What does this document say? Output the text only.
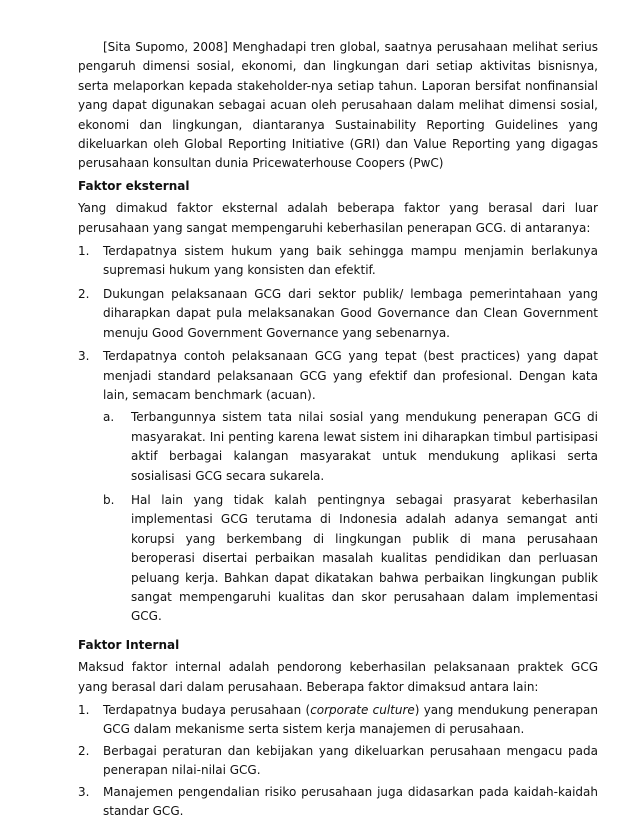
[Sita Supomo, 2008] Menghadapi tren global, saatnya perusahaan melihat serius pengaruh dimensi sosial, ekonomi, dan lingkungan dari setiap aktivitas bisnisnya, serta melaporkan kepada stakeholder-nya setiap tahun. Laporan bersifat nonfinansial yang dapat digunakan sebagai acuan oleh perusahaan dalam melihat dimensi sosial, ekonomi dan lingkungan, diantaranya Sustainability Reporting Guidelines yang dikeluarkan oleh Global Reporting Initiative (GRI) dan Value Reporting yang digagas perusahaan konsultan dunia Pricewaterhouse Coopers (PwC)

Faktor eksternal

Yang dimakud faktor eksternal adalah beberapa faktor yang berasal dari luar perusahaan yang sangat mempengaruhi keberhasilan penerapan GCG. di antaranya:

1.	Terdapatnya sistem hukum yang baik sehingga mampu menjamin berlakunya supremasi hukum yang konsisten dan efektif.
2.	Dukungan pelaksanaan GCG dari sektor publik/ lembaga pemerintahaan yang diharapkan dapat pula melaksanakan Good Governance dan Clean Government menuju Good Government Governance yang sebenarnya.
3.	Terdapatnya contoh pelaksanaan GCG yang tepat (best practices) yang dapat menjadi standard pelaksanaan GCG yang efektif dan profesional. Dengan kata lain, semacam benchmark (acuan).

a.	Terbangunnya sistem tata nilai sosial yang mendukung penerapan GCG di masyarakat. Ini penting karena lewat sistem ini diharapkan timbul partisipasi aktif berbagai kalangan masyarakat untuk mendukung aplikasi serta sosialisasi GCG secara sukarela.
b.	Hal lain yang tidak kalah pentingnya sebagai prasyarat keberhasilan implementasi GCG terutama di Indonesia adalah adanya semangat anti korupsi yang berkembang di lingkungan publik di mana perusahaan beroperasi disertai perbaikan masalah kualitas pendidikan dan perluasan peluang kerja. Bahkan dapat dikatakan bahwa perbaikan lingkungan publik sangat mempengaruhi kualitas dan skor perusahaan dalam implementasi GCG.

Faktor Internal

Maksud faktor internal adalah pendorong keberhasilan pelaksanaan praktek GCG yang berasal dari dalam perusahaan. Beberapa faktor dimaksud antara lain:

1.	Terdapatnya budaya perusahaan (corporate culture) yang mendukung penerapan GCG dalam mekanisme serta sistem kerja manajemen di perusahaan.
2.	Berbagai peraturan dan kebijakan yang dikeluarkan perusahaan mengacu pada penerapan nilai-nilai GCG.
3.	Manajemen pengendalian risiko perusahaan juga didasarkan pada kaidah-kaidah standar GCG.
